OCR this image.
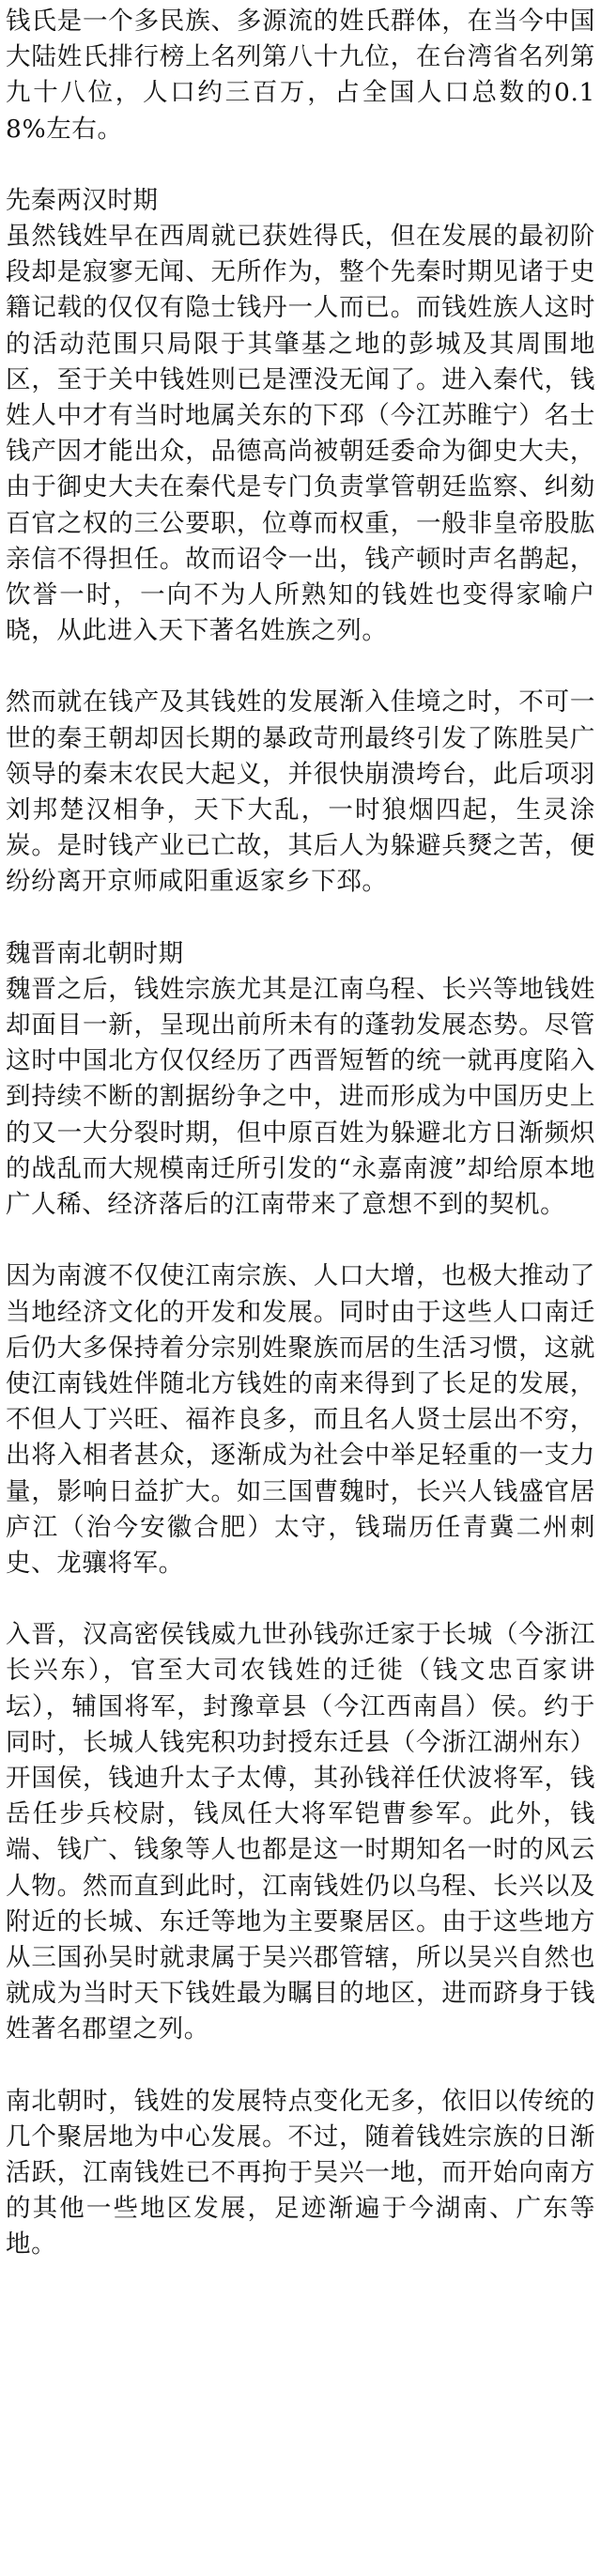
钱氏是一个多民族、多源流的姓氏群体，在当今中国大陆姓氏排行榜上名列第八十九位，在台湾省名列第九十八位，人口约三百万，占全国人口总数的0.18%左右。

先秦两汉时期

虽然钱姓早在西周就已获姓得氏，但在发展的最初阶段却是寂寥无闻、无所作为，整个先秦时期见诸于史籍记载的仅仅有隐士钱丹一人而已。而钱姓族人这时的活动范围只局限于其肇基之地的彭城及其周围地区，至于关中钱姓则已是湮没无闻了。进入秦代，钱姓人中才有当时地属关东的下邳（今江苏睢宁）名士钱产因才能出众，品德高尚被朝廷委命为御史大夫，由于御史大夫在秦代是专门负责掌管朝廷监察、纠劾百官之权的三公要职，位尊而权重，一般非皇帝股肱亲信不得担任。故而诏令一出，钱产顿时声名鹊起，饮誉一时，一向不为人所熟知的钱姓也变得家喻户晓，从此进入天下著名姓族之列。

然而就在钱产及其钱姓的发展渐入佳境之时，不可一世的秦王朝却因长期的暴政苛刑最终引发了陈胜吴广领导的秦末农民大起义，并很快崩溃垮台，此后项羽刘邦楚汉相争，天下大乱，一时狼烟四起，生灵涂炭。是时钱产业已亡故，其后人为躲避兵燹之苦，便纷纷离开京师咸阳重返家乡下邳。

魏晋南北朝时期

魏晋之后，钱姓宗族尤其是江南乌程、长兴等地钱姓却面目一新，呈现出前所未有的蓬勃发展态势。尽管这时中国北方仅仅经历了西晋短暂的统一就再度陷入到持续不断的割据纷争之中，进而形成为中国历史上的又一大分裂时期，但中原百姓为躲避北方日渐频炽的战乱而大规模南迁所引发的“永嘉南渡”却给原本地广人稀、经济落后的江南带来了意想不到的契机。

因为南渡不仅使江南宗族、人口大增，也极大推动了当地经济文化的开发和发展。同时由于这些人口南迁后仍大多保持着分宗别姓聚族而居的生活习惯，这就使江南钱姓伴随北方钱姓的南来得到了长足的发展，不但人丁兴旺、福祚良多，而且名人贤士层出不穷，出将入相者甚众，逐渐成为社会中举足轻重的一支力量，影响日益扩大。如三国曹魏时，长兴人钱盛官居庐江（治今安徽合肥）太守，钱瑞历任青冀二州刺史、龙骧将军。

入晋，汉高密侯钱威九世孙钱弥迁家于长城（今浙江长兴东），官至大司农钱姓的迁徙（钱文忠百家讲坛），辅国将军，封豫章县（今江西南昌）侯。约于同时，长城人钱宪积功封授东迁县（今浙江湖州东）开国侯，钱迪升太子太傅，其孙钱祥任伏波将军，钱岳任步兵校尉，钱凤任大将军铠曹参军。此外，钱端、钱广、钱象等人也都是这一时期知名一时的风云人物。然而直到此时，江南钱姓仍以乌程、长兴以及附近的长城、东迁等地为主要聚居区。由于这些地方从三国孙吴时就隶属于吴兴郡管辖，所以吴兴自然也就成为当时天下钱姓最为瞩目的地区，进而跻身于钱姓著名郡望之列。

南北朝时，钱姓的发展特点变化无多，依旧以传统的几个聚居地为中心发展。不过，随着钱姓宗族的日渐活跃，江南钱姓已不再拘于吴兴一地，而开始向南方的其他一些地区发展，足迹渐遍于今湖南、广东等地。
